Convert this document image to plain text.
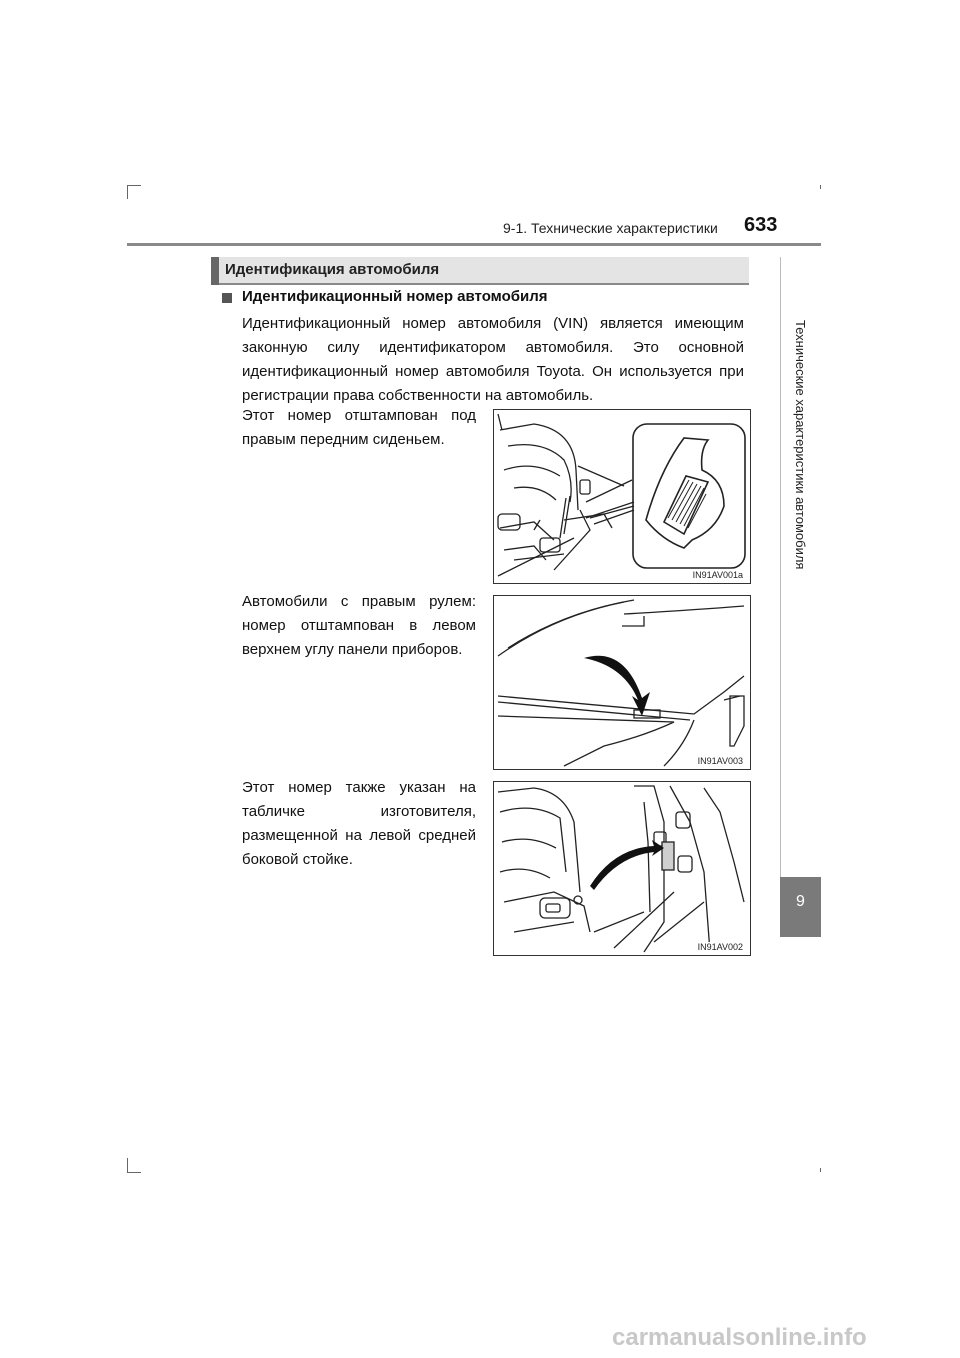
9-1. Технические характеристики 633
Технические характеристики автомобиля
9
Идентификация автомобиля
Идентификационный номер автомобиля
Идентификационный номер автомобиля (VIN) является имеющим
законную силу идентификатором автомобиля. Это основной
идентификационный номер автомобиля Toyota. Он используется при
регистрации права собственности на автомобиль.
Этот номер отштампован под
правым передним сиденьем.
IN91AV001a
Автомобили с правым рулем:
номер отштампован в левом
верхнем углу панели приборов.
IN91AV003
Этот номер также указан на
табличке изготовителя,
размещенной на левой средней
боковой стойке.
IN91AV002
carmanualsonline.info
